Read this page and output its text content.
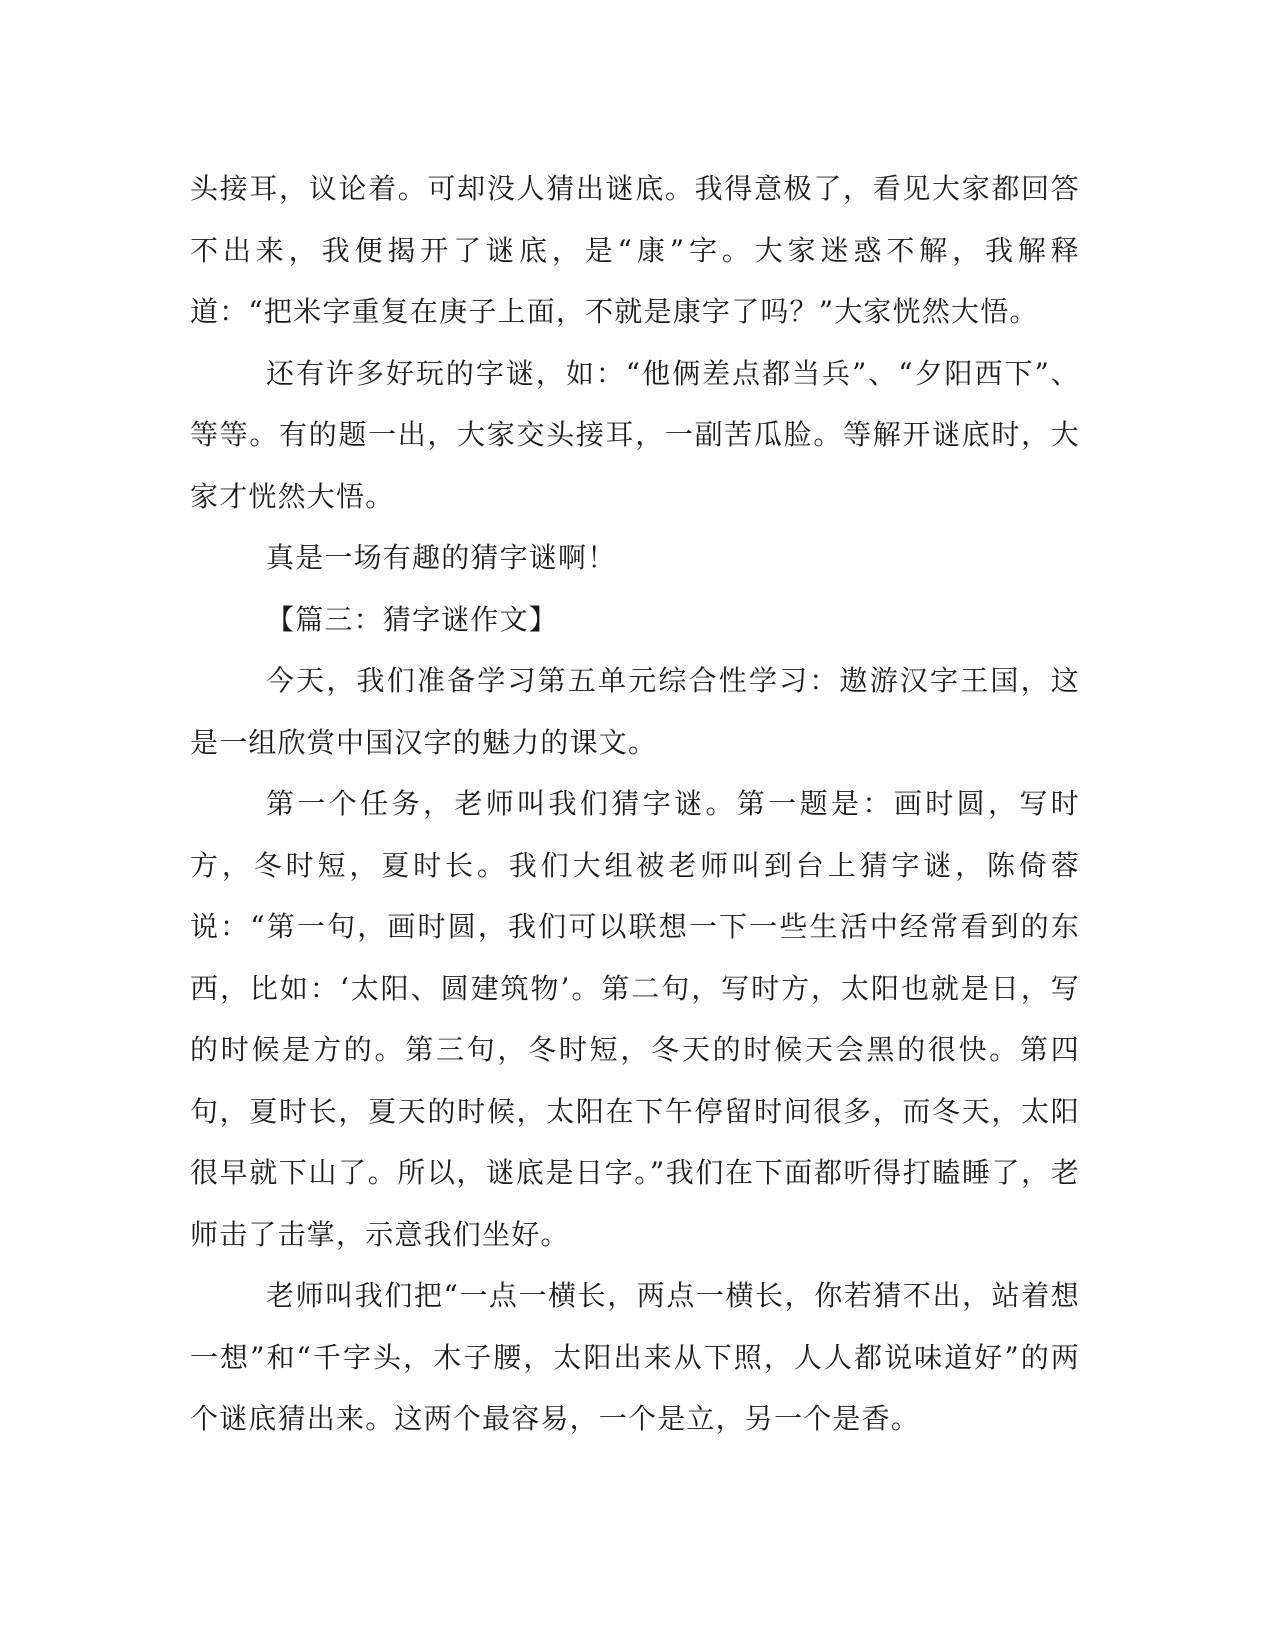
头接耳，议论着。可却没人猜出谜底。我得意极了，看见大家都回答不出来，我便揭开了谜底，是“康”字。大家迷惑不解，我解释道：“把米字重复在庚子上面，不就是康字了吗？”大家恍然大悟。

还有许多好玩的字谜，如：“他俩差点都当兵”、“夕阳西下”、等等。有的题一出，大家交头接耳，一副苦瓜脸。等解开谜底时，大家才恍然大悟。

真是一场有趣的猜字谜啊！

【篇三：猜字谜作文】

今天，我们准备学习第五单元综合性学习：遨游汉字王国，这是一组欣赏中国汉字的魅力的课文。

第一个任务，老师叫我们猜字谜。第一题是：画时圆，写时方，冬时短，夏时长。我们大组被老师叫到台上猜字谜，陈倚蓉说：“第一句，画时圆，我们可以联想一下一些生活中经常看到的东西，比如：‘太阳、圆建筑物’。第二句，写时方，太阳也就是日，写的时候是方的。第三句，冬时短，冬天的时候天会黑的很快。第四句，夏时长，夏天的时候，太阳在下午停留时间很多，而冬天，太阳很早就下山了。所以，谜底是日字。”我们在下面都听得打瞌睡了，老师击了击掌，示意我们坐好。

老师叫我们把“一点一横长，两点一横长，你若猜不出，站着想一想”和“千字头，木子腰，太阳出来从下照，人人都说味道好”的两个谜底猜出来。这两个最容易，一个是立，另一个是香。
